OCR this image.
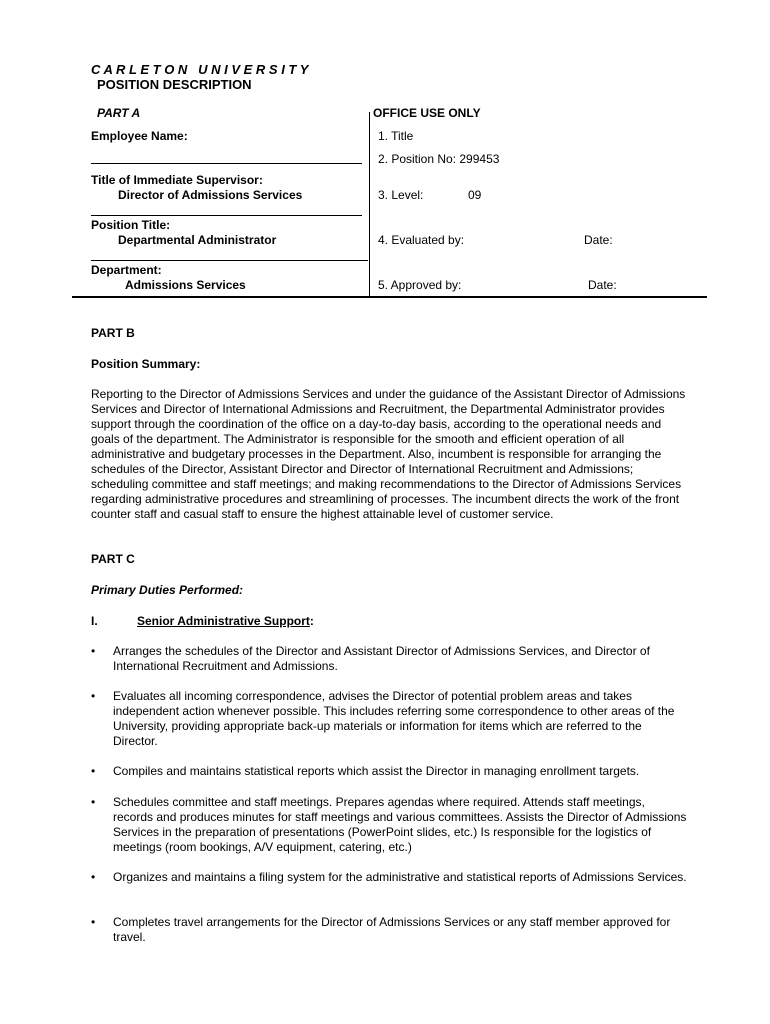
C A R L E T O N   U N I V E R S I T Y
POSITION DESCRIPTION
PART A
Employee Name:
Title of Immediate Supervisor:
Director of Admissions Services
Position Title:
Departmental Administrator
Department:
Admissions Services
OFFICE USE ONLY
1. Title
2. Position No: 299453
3. Level:	09
4. Evaluated by:	Date:
5. Approved by:	Date:
PART B
Position Summary:
Reporting to the Director of Admissions Services and under the guidance of the Assistant Director of Admissions Services and Director of International Admissions and Recruitment, the Departmental Administrator provides support through the coordination of the office on a day-to-day basis, according to the operational needs and goals of the department. The Administrator is responsible for the smooth and efficient operation of all administrative and budgetary processes in the Department. Also, incumbent is responsible for arranging the schedules of the Director, Assistant Director and Director of International Recruitment and Admissions; scheduling committee and staff meetings; and making recommendations to the Director of Admissions Services regarding administrative procedures and streamlining of processes. The incumbent directs the work of the front counter staff and casual staff to ensure the highest attainable level of customer service.
PART C
Primary Duties Performed:
I.	Senior Administrative Support:
• Arranges the schedules of the Director and Assistant Director of Admissions Services, and Director of International Recruitment and Admissions.
• Evaluates all incoming correspondence, advises the Director of potential problem areas and takes independent action whenever possible. This includes referring some correspondence to other areas of the University, providing appropriate back-up materials or information for items which are referred to the Director.
• Compiles and maintains statistical reports which assist the Director in managing enrollment targets.
• Schedules committee and staff meetings. Prepares agendas where required. Attends staff meetings, records and produces minutes for staff meetings and various committees. Assists the Director of Admissions Services in the preparation of presentations (PowerPoint slides, etc.) Is responsible for the logistics of meetings (room bookings, A/V equipment, catering, etc.)
• Organizes and maintains a filing system for the administrative and statistical reports of Admissions Services.
• Completes travel arrangements for the Director of Admissions Services or any staff member approved for travel.
